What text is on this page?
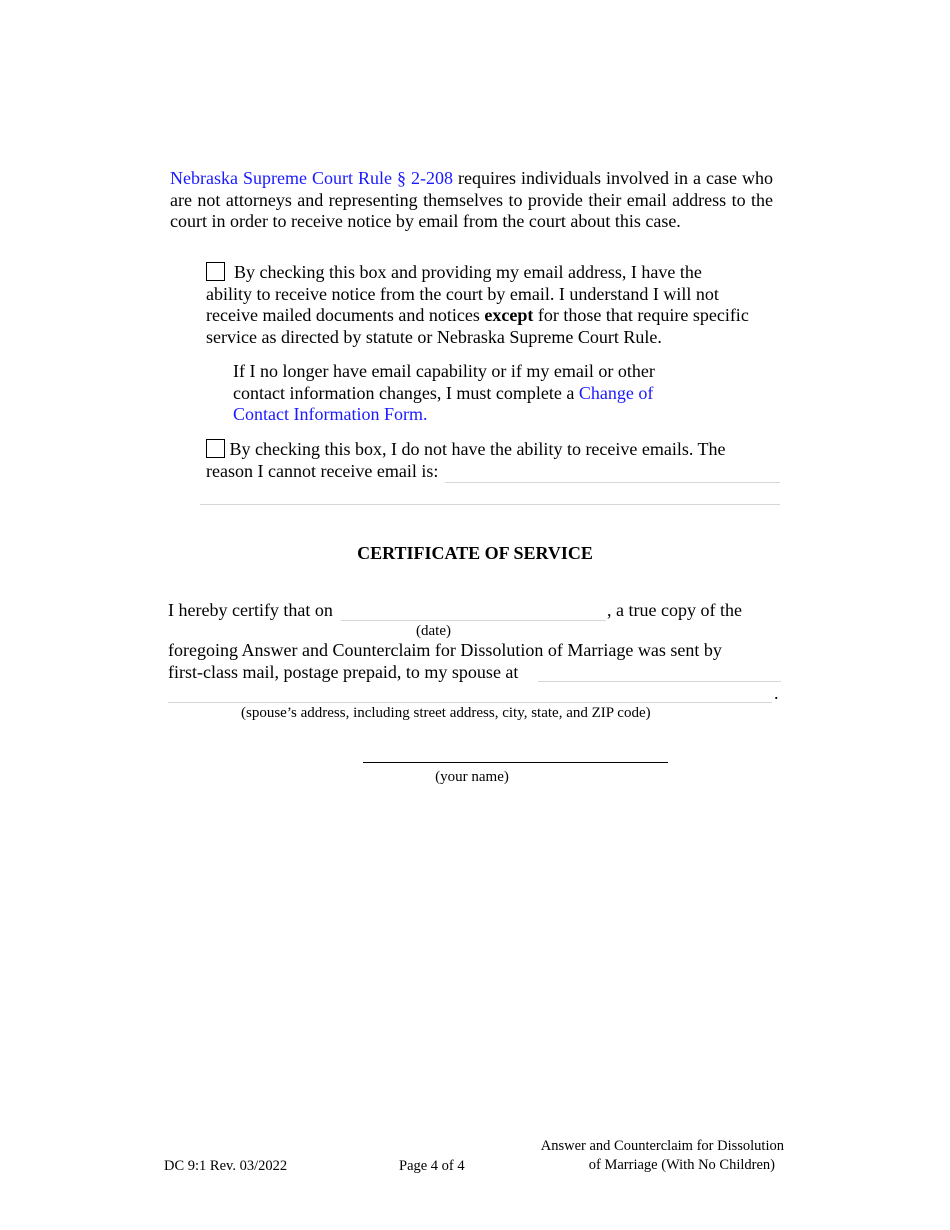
Nebraska Supreme Court Rule § 2-208 requires individuals involved in a case who are not attorneys and representing themselves to provide their email address to the court in order to receive notice by email from the court about this case.
By checking this box and providing my email address, I have the ability to receive notice from the court by email. I understand I will not receive mailed documents and notices except for those that require specific service as directed by statute or Nebraska Supreme Court Rule.
If I no longer have email capability or if my email or other contact information changes, I must complete a Change of Contact Information Form.
By checking this box, I do not have the ability to receive emails. The reason I cannot receive email is:
CERTIFICATE OF SERVICE
I hereby certify that on	, a true copy of the
(date)
foregoing Answer and Counterclaim for Dissolution of Marriage was sent by first-class mail, postage prepaid, to my spouse at
.
(spouse’s address, including street address, city, state, and ZIP code)
(your name)
DC 9:1 Rev. 03/2022	Page 4 of 4
Answer and Counterclaim for Dissolution
of Marriage (With No Children)
